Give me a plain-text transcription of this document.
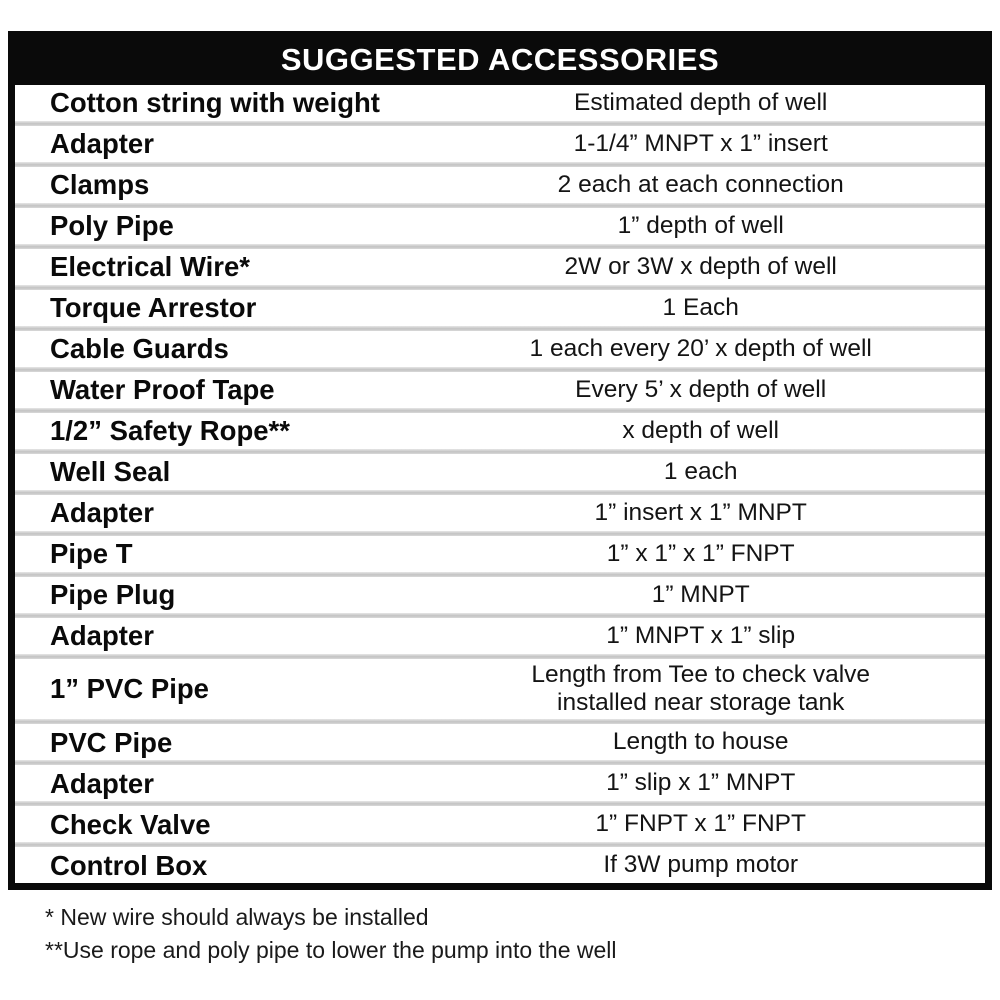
SUGGESTED ACCESSORIES
Cotton string with weight	Estimated depth of well
Adapter	1-1/4” MNPT x 1” insert
Clamps	2 each at each connection
Poly Pipe	1” depth of well
Electrical Wire*	2W or 3W x depth of well
Torque Arrestor	1 Each
Cable Guards	1 each every 20’ x depth of well
Water Proof Tape	Every 5’ x depth of well
1/2” Safety Rope**	x depth of well
Well Seal	1 each
Adapter	1” insert x 1” MNPT
Pipe T	1” x 1” x 1” FNPT
Pipe Plug	1” MNPT
Adapter	1” MNPT x 1” slip
1” PVC Pipe	Length from Tee to check valve
installed near storage tank
PVC Pipe	Length to house
Adapter	1” slip x 1” MNPT
Check Valve	1” FNPT x 1” FNPT
Control Box	If 3W pump motor
* New wire should always be installed
**Use rope and poly pipe to lower the pump into the well
